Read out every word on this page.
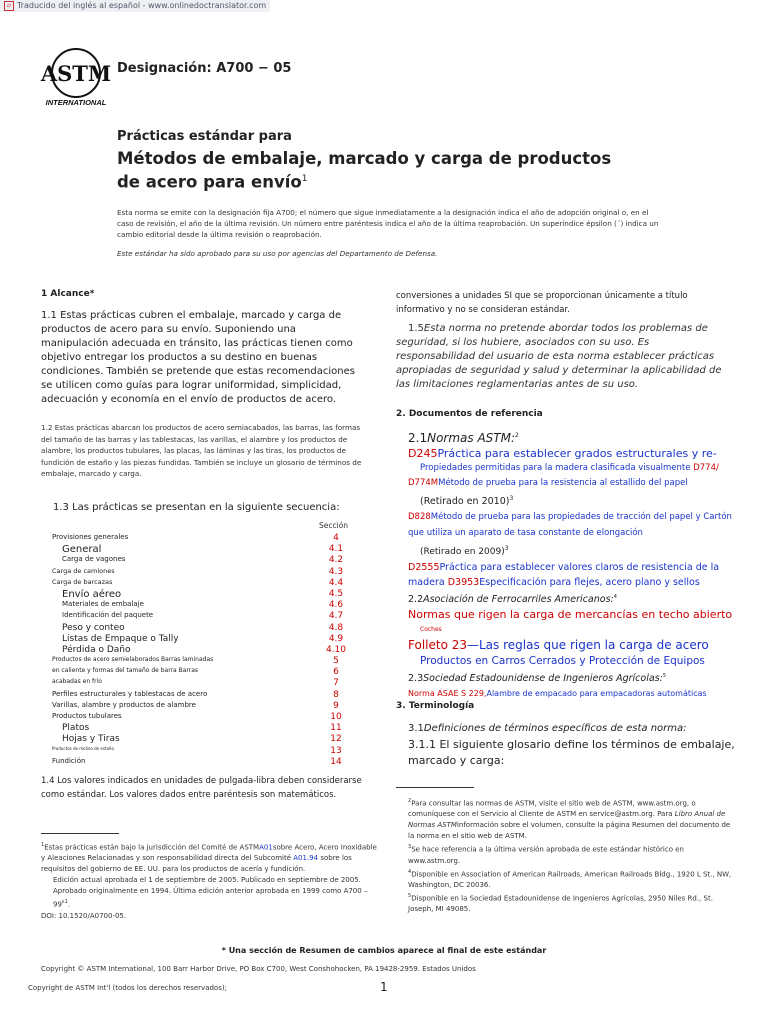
⇄ Traducido del inglés al español - www.onlinedoctranslator.com
ASTM
INTERNATIONAL
Designación: A700 − 05
Prácticas estándar para
Métodos de embalaje, marcado y carga de productos
de acero para envío$^1$
Esta norma se emite con la designación fija A700; el número que sigue inmediatamente a la designación indica el año de adopción original o, en el caso de revisión, el año de la última revisión. Un número entre paréntesis indica el año de la última reaprobación. Un superíndice épsilon (´) indica un cambio editorial desde la última revisión o reaprobación.
Este estándar ha sido aprobado para su uso por agencias del Departamento de Defensa.
1 Alcance*
1.1 Estas prácticas cubren el embalaje, marcado y carga de productos de acero para su envío. Suponiendo una manipulación adecuada en tránsito, las prácticas tienen como objetivo entregar los productos a su destino en buenas condiciones. También se pretende que estas recomendaciones se utilicen como guías para lograr uniformidad, simplicidad, adecuación y economía en el envío de productos de acero.
1.2 Estas prácticas abarcan los productos de acero semiacabados, las barras, las formas del tamaño de las barras y las tablestacas, las varillas, el alambre y los productos de alambre, los productos tubulares, las placas, las láminas y las tiras, los productos de fundición de estaño y las piezas fundidas. También se incluye un glosario de términos de embalaje, marcado y carga.
1.3 Las prácticas se presentan en la siguiente secuencia:
Sección
Provisiones generales	4
General	4.1
Carga de vagones	4.2
Carga de camiones	4.3
Carga de barcazas	4.4
Envío aéreo	4.5
Materiales de embalaje	4.6
Identificación del paquete	4.7
Peso y conteo	4.8
Listas de Empaque o Tally	4.9
Pérdida o Daño	4.10
Productos de acero semielaborados Barras laminadas	5
en caliente y formas del tamaño de barra Barras	6
acabadas en frío	7
Perfiles estructurales y tablestacas de acero	8
Varillas, alambre y productos de alambre	9
Productos tubulares	10
Platos	11
Hojas y Tiras	12
Productos de molino de estaño	13
Fundición	14
1.4 Los valores indicados en unidades de pulgada-libra deben considerarse como estándar. Los valores dados entre paréntesis son matemáticos.
$^1$Estas prácticas están bajo la jurisdicción del Comité de ASTMA01sobre Acero, Acero Inoxidable y Aleaciones Relacionadas y son responsabilidad directa del Subcomité A01.94 sobre los requisitos del gobierno de EE. UU. para los productos de acería y fundición.
Edición actual aprobada el 1 de septiembre de 2005. Publicado en septiembre de 2005. Aprobado originalmente en 1994. Última edición anterior aprobada en 1999 como $A700 - 99^{\varepsilon 1}$.
DOI: 10.1520/A0700-05.
conversiones a unidades SI que se proporcionan únicamente a título informativo y no se consideran estándar.
1.5Esta norma no pretende abordar todos los problemas de seguridad, si los hubiere, asociados con su uso. Es responsabilidad del usuario de esta norma establecer prácticas apropiadas de seguridad y salud y determinar la aplicabilidad de las limitaciones reglamentarias antes de su uso.
2. Documentos de referencia
2.1Normas ASTM:$^2$
D245Práctica para establecer grados estructurales y re-
Propiedades permitidas para la madera clasificada visualmente D774/
D774MMétodo de prueba para la resistencia al estallido del papel
(Retirado en 2010)$^3$
D828Método de prueba para las propiedades de tracción del papel y Cartón que utiliza un aparato de tasa constante de elongación
(Retirado en 2009)$^3$
D2555Práctica para establecer valores claros de resistencia de la madera D3953Especificación para flejes, acero plano y sellos
2.2Asociación de Ferrocarriles Americanos:$^4$
Normas que rigen la carga de mercancías en techo abierto
Coches
Folleto 23—Las reglas que rigen la carga de acero
Productos en Carros Cerrados y Protección de Equipos
2.3Sociedad Estadounidense de Ingenieros Agrícolas:$^5$
Norma ASAE S 229,Alambre de empacado para empacadoras automáticas
3. Terminología
3.1Definiciones de términos específicos de esta norma:
3.1.1 El siguiente glosario define los términos de embalaje, marcado y carga:
$^2$Para consultar las normas de ASTM, visite el sitio web de ASTM, www.astm.org, o comuníquese con el Servicio al Cliente de ASTM en service@astm.org. Para Libro Anual de Normas ASTMinformación sobre el volumen, consulte la página Resumen del documento de la norma en el sitio web de ASTM.
$^3$Se hace referencia a la última versión aprobada de este estándar histórico en www.astm.org.
$^4$Disponible en Association of American Railroads, American Railroads Bldg., 1920 L St., NW, Washington, DC 20036.
$^5$Disponible en la Sociedad Estadounidense de Ingenieros Agrícolas, 2950 Niles Rd., St. Joseph, MI 49085.
* Una sección de Resumen de cambios aparece al final de este estándar
Copyright © ASTM International, 100 Barr Harbor Drive, PO Box C700, West Conshohocken, PA 19428-2959. Estados Unidos
Copyright de ASTM Int'l (todos los derechos reservados);	1
